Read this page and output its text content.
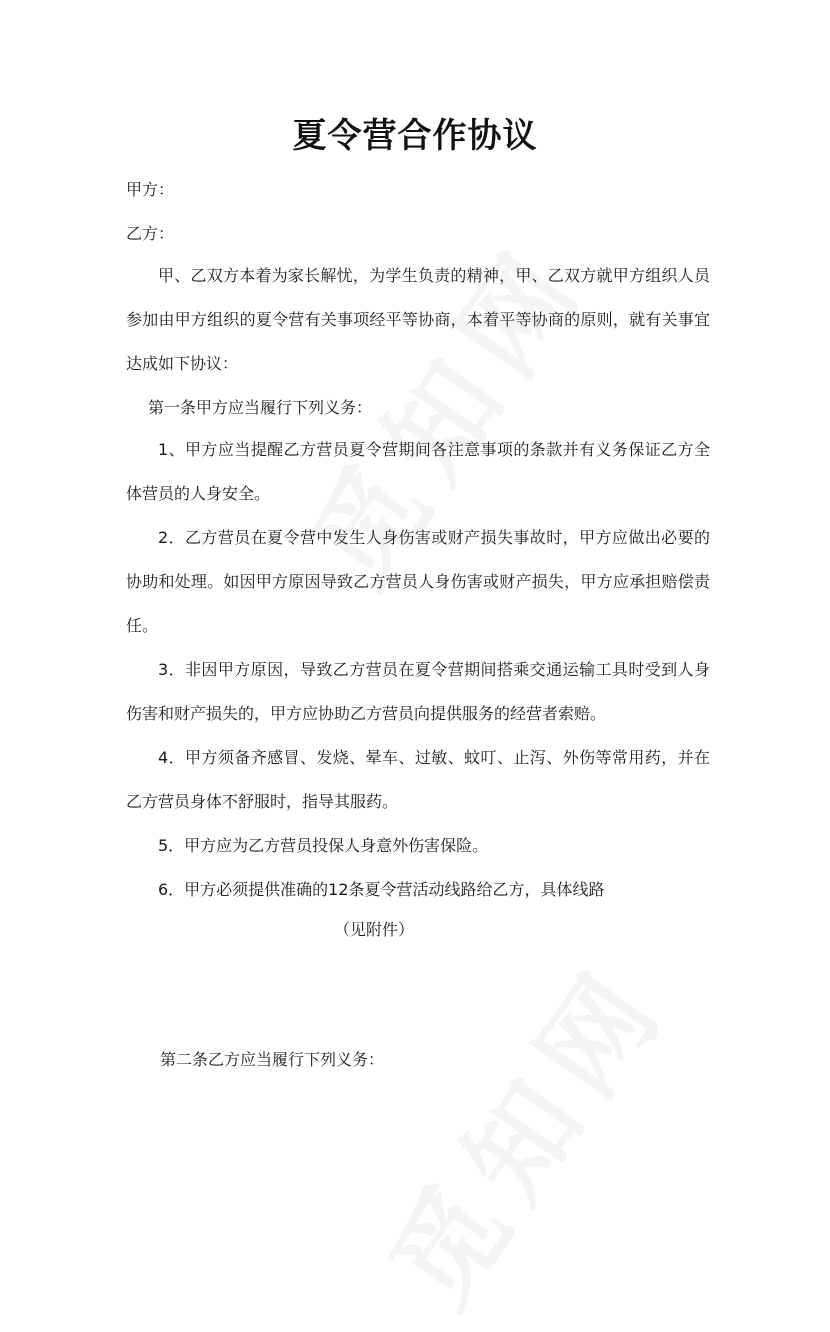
夏令营合作协议
甲方：
乙方：
甲、乙双方本着为家长解忧，为学生负责的精神，甲、乙双方就甲方组织人员参加由甲方组织的夏令营有关事项经平等协商，本着平等协商的原则，就有关事宜达成如下协议：
第一条甲方应当履行下列义务：
1、甲方应当提醒乙方营员夏令营期间各注意事项的条款并有义务保证乙方全体营员的人身安全。
2．乙方营员在夏令营中发生人身伤害或财产损失事故时，甲方应做出必要的协助和处理。如因甲方原因导致乙方营员人身伤害或财产损失，甲方应承担赔偿责任。
3．非因甲方原因，导致乙方营员在夏令营期间搭乘交通运输工具时受到人身伤害和财产损失的，甲方应协助乙方营员向提供服务的经营者索赔。
4．甲方须备齐感冒、发烧、晕车、过敏、蚊叮、止泻、外伤等常用药，并在乙方营员身体不舒服时，指导其服药。
5．甲方应为乙方营员投保人身意外伤害保险。
6．甲方必须提供准确的12条夏令营活动线路给乙方，具体线路
（见附件）
第二条乙方应当履行下列义务：
